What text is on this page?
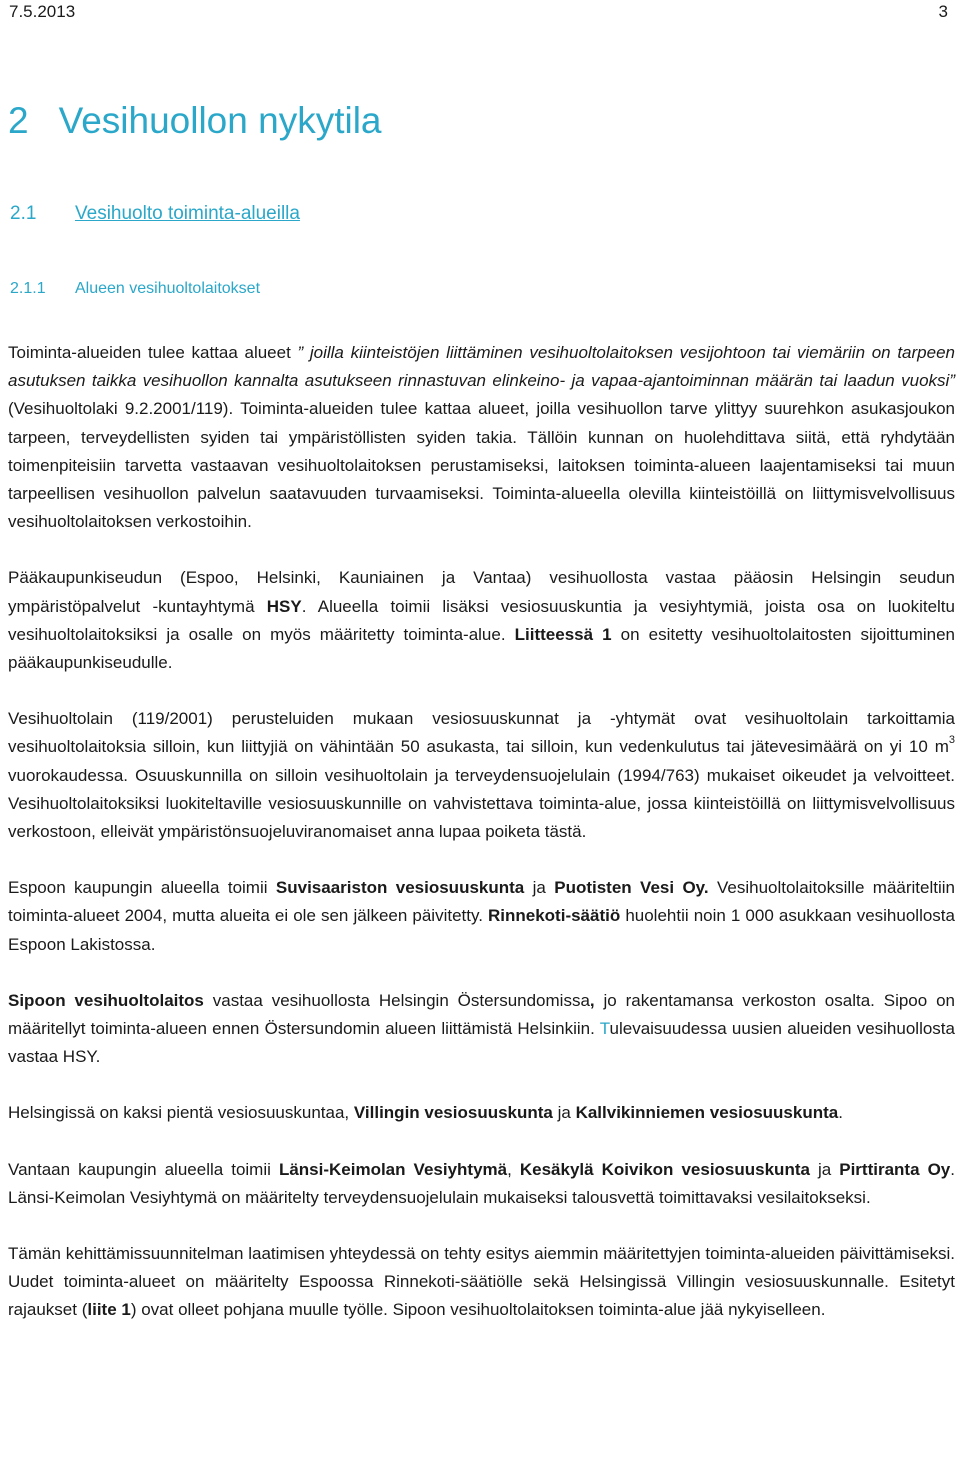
7.5.2013	3
2 Vesihuollon nykytila
2.1 Vesihuolto toiminta-alueilla
2.1.1 Alueen vesihuoltolaitokset

Toiminta-alueiden tulee kattaa alueet ” joilla kiinteistöjen liittäminen vesihuoltolaitoksen vesijohtoon tai viemäriin on tarpeen asutuksen taikka vesihuollon kannalta asutukseen rinnastuvan elinkeino- ja vapaa-ajantoiminnan määrän tai laadun vuoksi” (Vesihuoltolaki 9.2.2001/119). Toiminta-alueiden tulee kattaa alueet, joilla vesihuollon tarve ylittyy suurehkon asukasjoukon tarpeen, terveydellisten syiden tai ympäristöllisten syiden takia. Tällöin kunnan on huolehdittava siitä, että ryhdytään toimenpiteisiin tarvetta vastaavan vesihuoltolaitoksen perustamiseksi, laitoksen toiminta-alueen laajentamiseksi tai muun tarpeellisen vesihuollon palvelun saatavuuden turvaamiseksi. Toiminta-alueella olevilla kiinteistöillä on liittymisvelvollisuus vesihuoltolaitoksen verkostoihin.

Pääkaupunkiseudun (Espoo, Helsinki, Kauniainen ja Vantaa) vesihuollosta vastaa pääosin Helsingin seudun ympäristöpalvelut -kuntayhtymä HSY. Alueella toimii lisäksi vesiosuuskuntia ja vesiyhtymiä, joista osa on luokiteltu vesihuoltolaitoksiksi ja osalle on myös määritetty toiminta-alue. Liitteessä 1 on esitetty vesihuoltolaitosten sijoittuminen pääkaupunkiseudulle.

Vesihuoltolain (119/2001) perusteluiden mukaan vesiosuuskunnat ja -yhtymät ovat vesihuoltolain tarkoittamia vesihuoltolaitoksia silloin, kun liittyjiä on vähintään 50 asukasta, tai silloin, kun vedenkulutus tai jätevesimäärä on yi 10 $m^3$ vuorokaudessa. Osuuskunnilla on silloin vesihuoltolain ja terveydensuojelulain (1994/763) mukaiset oikeudet ja velvoitteet. Vesihuoltolaitoksiksi luokiteltaville vesiosuuskunnille on vahvistettava toiminta-alue, jossa kiinteistöillä on liittymisvelvollisuus verkostoon, elleivät ympäristönsuojeluviranomaiset anna lupaa poiketa tästä.

Espoon kaupungin alueella toimii Suvisaariston vesiosuuskunta ja Puotisten Vesi Oy. Vesihuoltolaitoksille määriteltiin toiminta-alueet 2004, mutta alueita ei ole sen jälkeen päivitetty. Rinnekoti-säätiö huolehtii noin 1 000 asukkaan vesihuollosta Espoon Lakistossa.

Sipoon vesihuoltolaitos vastaa vesihuollosta Helsingin Östersundomissa, jo rakentamansa verkoston osalta. Sipoo on määritellyt toiminta-alueen ennen Östersundomin alueen liittämistä Helsinkiin. Tulevaisuudessa uusien alueiden vesihuollosta vastaa HSY.

Helsingissä on kaksi pientä vesiosuuskuntaa, Villingin vesiosuuskunta ja Kallvikinniemen vesiosuuskunta.

Vantaan kaupungin alueella toimii Länsi-Keimolan Vesiyhtymä, Kesäkylä Koivikon vesiosuuskunta ja Pirttiranta Oy. Länsi-Keimolan Vesiyhtymä on määritelty terveydensuojelulain mukaiseksi talousvettä toimittavaksi vesilaitokseksi.

Tämän kehittämissuunnitelman laatimisen yhteydessä on tehty esitys aiemmin määritettyjen toiminta-alueiden päivittämiseksi. Uudet toiminta-alueet on määritelty Espoossa Rinnekoti-säätiölle sekä Helsingissä Villingin vesiosuuskunnalle. Esitetyt rajaukset (liite 1) ovat olleet pohjana muulle työlle. Sipoon vesihuoltolaitoksen toiminta-alue jää nykyiselleen.
